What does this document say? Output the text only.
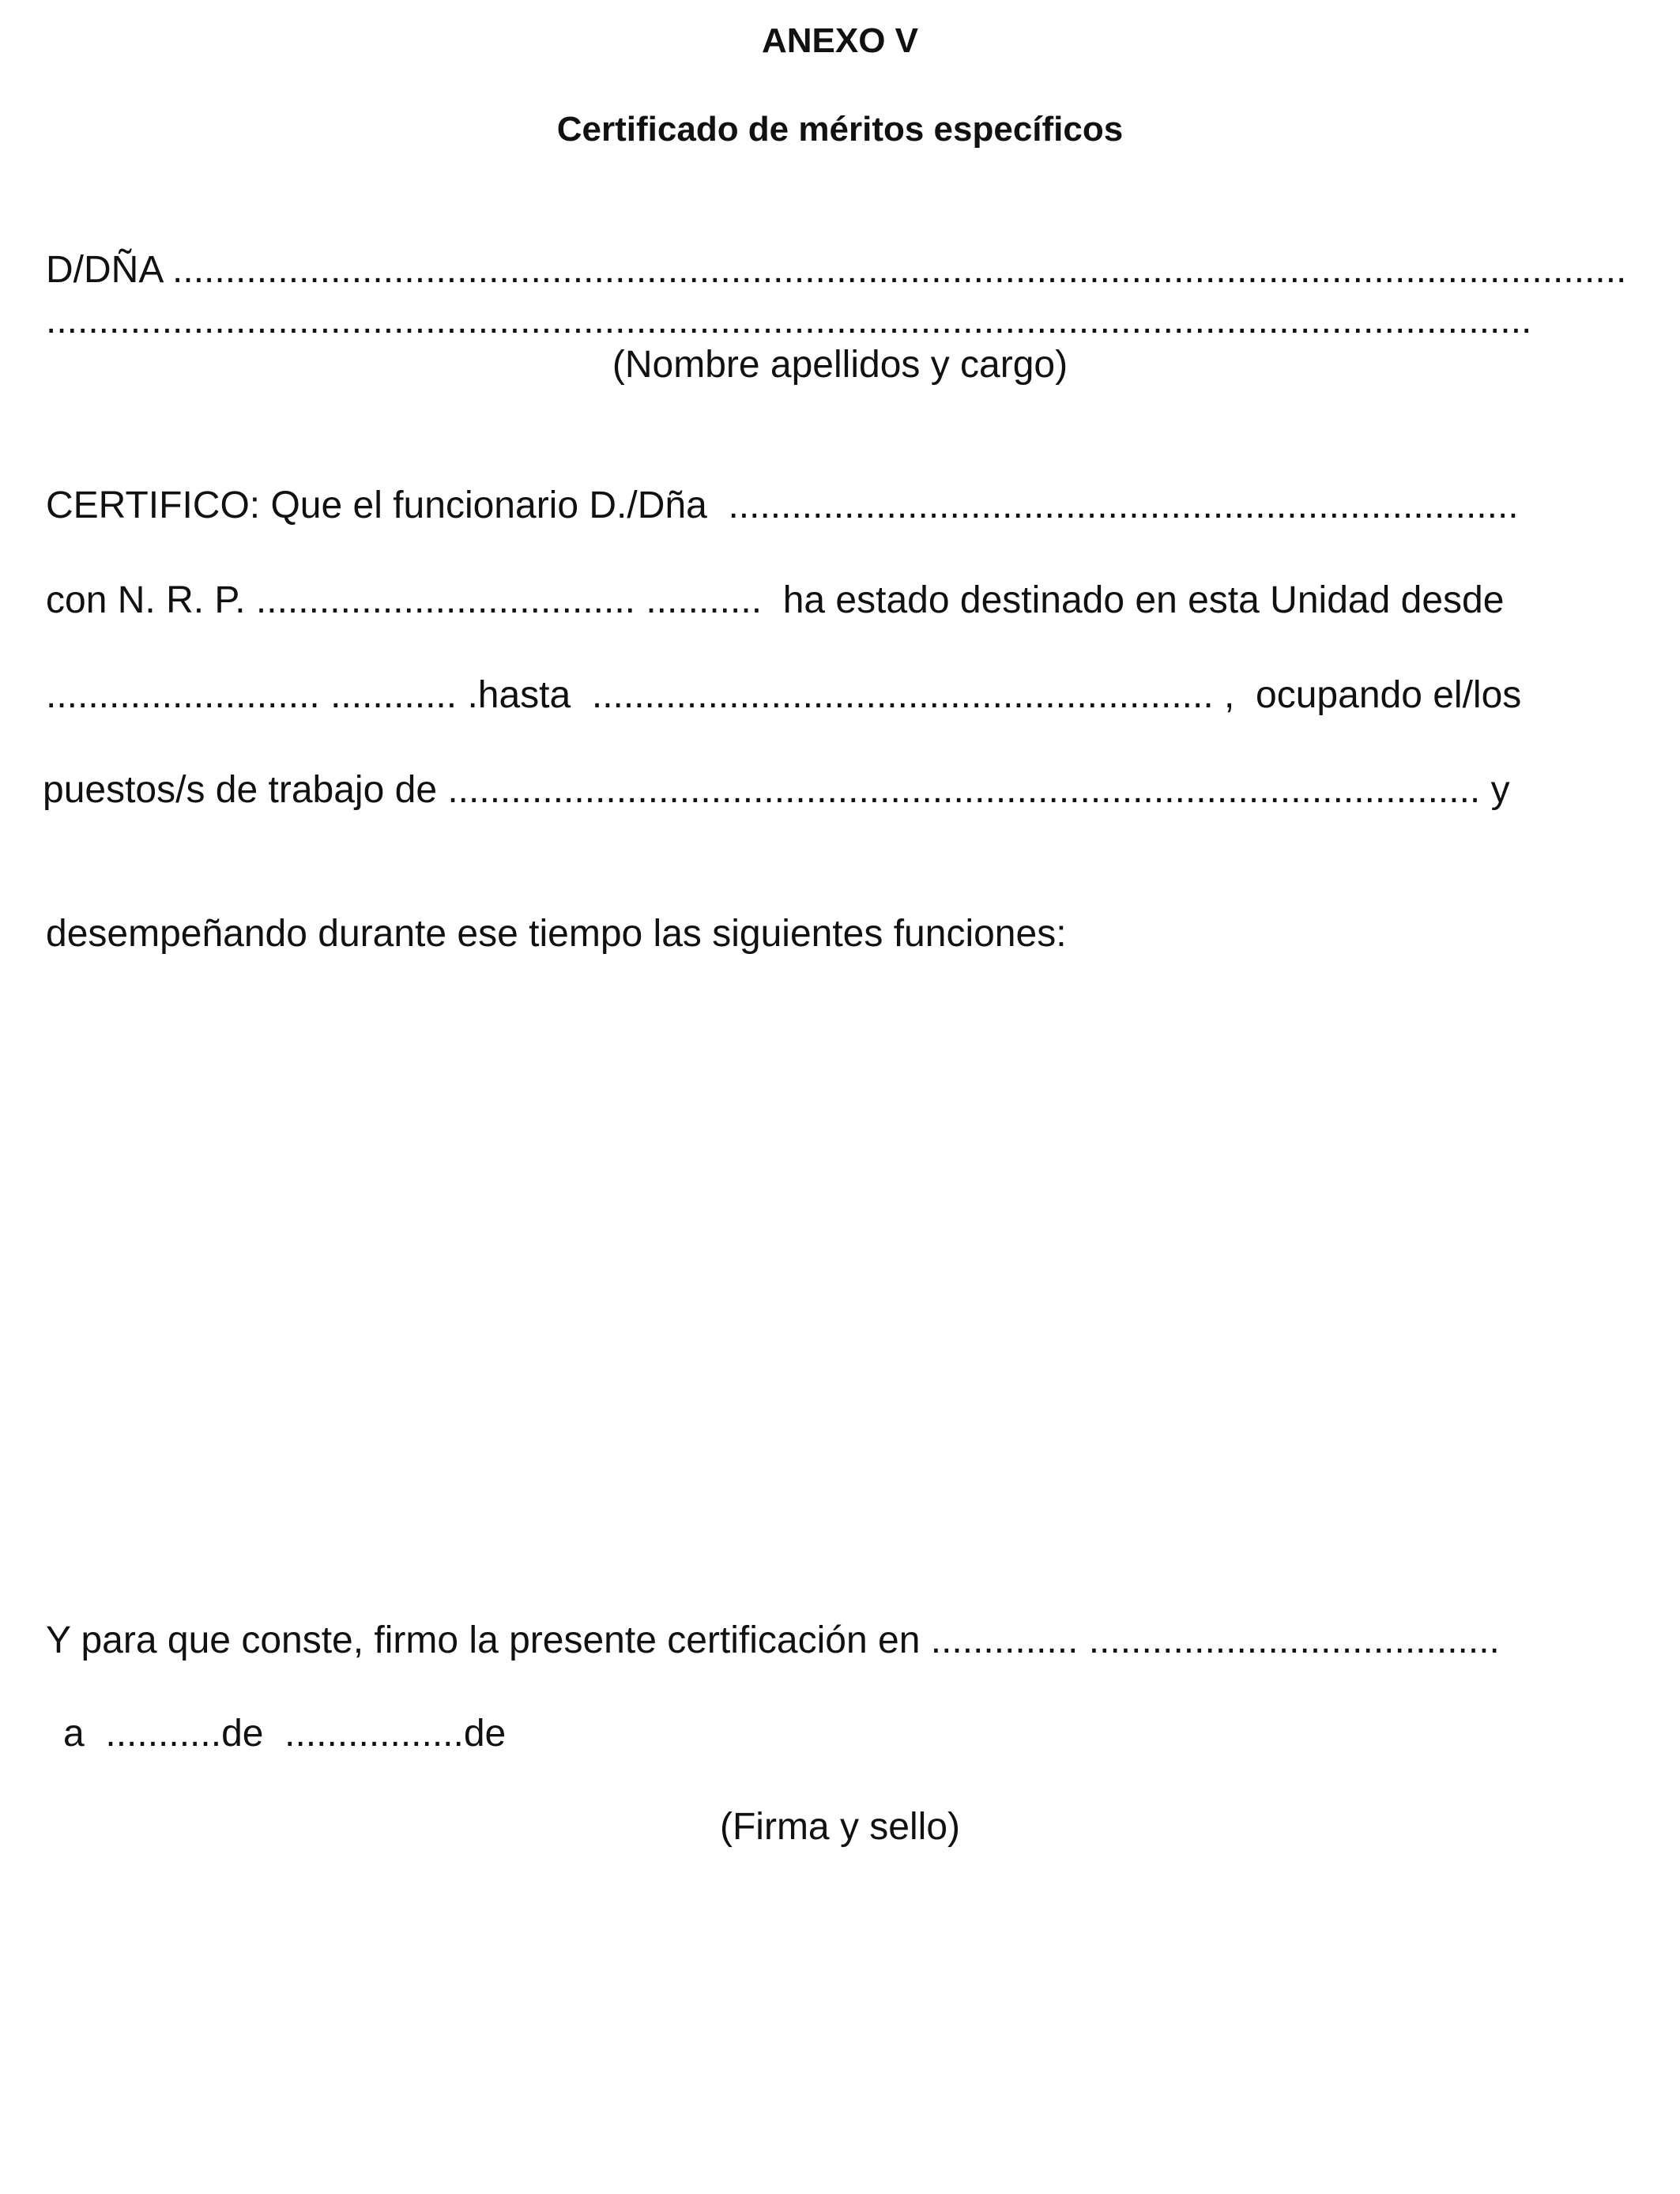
ANEXO V
Certificado de méritos específicos
D/DÑA ..........................................................................................................................................
.............................................................................................................................................
(Nombre apellidos y cargo)
CERTIFICO: Que el funcionario D./Dña  ...........................................................................
con N. R. P. .................................... ...........  ha estado destinado en esta Unidad desde
.......................... ............ .hasta  ........................................................... ,  ocupando el/los
puestos/s de trabajo de .................................................................................................. y
desempeñando durante ese tiempo las siguientes funciones:
Y para que conste, firmo la presente certificación en .............. .......................................
a  ...........de  .................de
(Firma y sello)
